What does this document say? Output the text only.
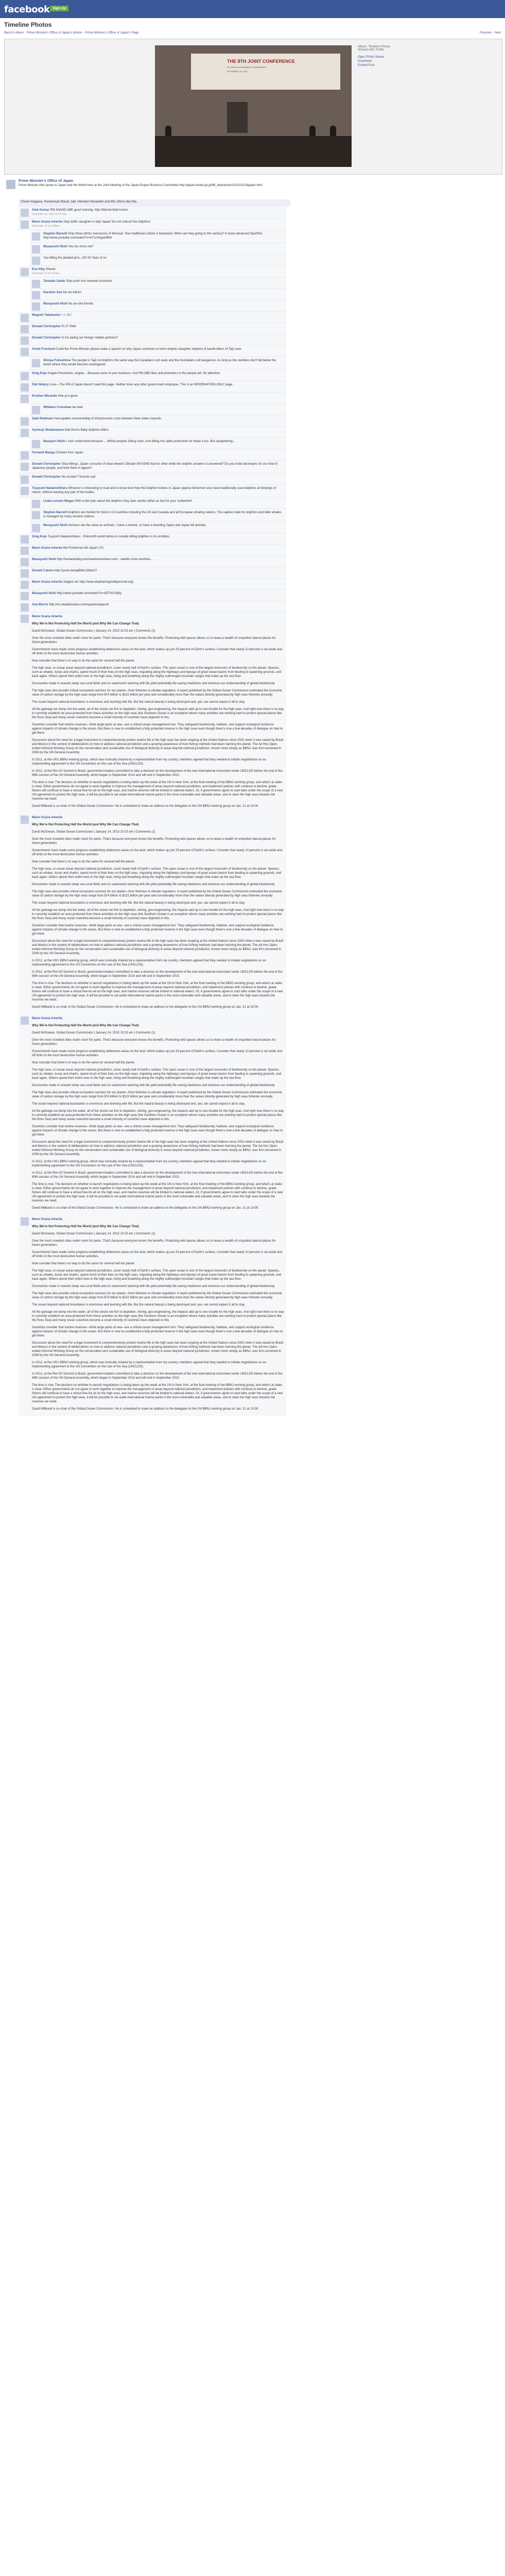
facebook Sign Up
Timeline Photos
Back to Album · Prime Minister's Office of Japan's photos · Prime Minister's Office of Japan's Page	Previous · Next
THE 8TH JOINT CONFERENCE
OF JAPAN-US BUSINESS CONFERENCE
NOVEMBER 15, 2013
Album: Timeline Photos
Shared with: Public
Open Photo Viewer
Download
Embed Post
Prime Minister's Office of Japan
Prime Minister Abe spoke to Japan and the World here at the Joint Meeting of the Japan-Rupan Business Committee http://japan.kantei.go.jp/96_abe/actions/201311/18japan.html
Chisen Kagawa, Pemeronan Blaser Jalil, Herrelyn Heriandini and 851 others like this.
Alok Kumar PM ANAND ABE good morning. http://liternet.blob.humor
November 15, 2013 at 4:37pm
Marie Grazia Amerlia Stop dolfin slaughter in taiji! Japan! Do not subsurf the dolphins!
November 15 at 6:08pm
Stephen Barnett Stop these ethnic massacres of Merozal. Your traditional culture is backward. When are they going to this century? A more advanced Sportfish. http://www.youtube.com/watch?v=k71zVAgwi3BW
Masayoshi Nishi You too more me?
You killing the pleated pins...Oh Sir Yean of no
Eva Alby Shame
November 16 at 4:19am
Tarwade Galdo Stop push non renewal consumer.
Karoline Soo No we kiltsim
Masayoshi Nishi No you the friends
Megumi Takahasha いいね！
Donald Christopher R.I.P Shiki
Donald Christopher In his taking our foreign rotable partners?
Armie Frechard Could the Prime Minister please make a speech on why Japan continues to harm dolphin slaughter dolphins & bandit killers of Taiji cove.
Shinya Fukushima The people in Taiji cut dolphins the same way the Canadians cull seals and the Australians cull kangaroos. As long as the numbers don't fall below the levels where they would become endangered.
Greg Kojo Arigato Prestotech, arigato... Because none of your business. And PM ABE likes anti-protesters to the people tell. No aftertime.
Pall Hebery Love---The PM of Japan doesn't read this page. Neither does any other government employee. This is an INFORMATION ONLY page.
Kristian Wicando Hoe you good.
Williams Crenshaw leo leeri
Sakil Rahmani Inescopable unreversibility of infrastructure costs between New states towards.
Ayumuji Okadanwane Bad thorns Baby dolphins killers
Masayori Nishi I can't understand because ... Whilst peoples killing cows, And killing hos adds production for leave a too. But slaughtering...
Fernand Manga Chicken from Japan.
Donald Christopher Stop killings. Japan consuner of meat wheels! Obstain ANYONE that for other while this dolphin answers is answered? Do you invite destroyers for our kind of Japanese people, and feed them in lagoon?
Donald Christopher No answer? Sounds sad.
Tsuyoshi Nakanishiharu Whoever is interesting to read and to know bout how the Dolphin hunters in Japan oppose fishermen also have traditionally used dolphins at blowings of nature, without wasting any part of the bodies.
Linda Lennon Megan With a heir plan about the dolphins they take careful rather as last for your 'outlandish'.
Stephen Barnett Dolphins are hunted for food in 13 countries including the US and Canada and all European whaling nations. The captive trade for dolphins and killer whales is managed by many western nations.
Masayoshi Nishi Humans are the same as animals. I have a mental, so have a breeding Japan and Japan kill animals.
Greg Kojo Tsuyoshi Nakanishiharu - Shinsmith world before in outside killing dolphins in its vicinities.
Marie Grazia Amerlia But Fisherman kill Japan! (!!!)
Masayoshi Nishi http://kuriakobaby.com/seanewsnshare.com/...sadelic-mnur-avicktes...
Donald Calonn http://youtu.be/aqBbb12kiboU?
Marie Grazia Amerlia Stagion ok! http://www.elephantsgoodbyenovel.org/
Masayoshi Nishi http://www.youtube.com/watch?v=d2lTfVLRp5y
Ana Murrio http://en.sealacksakos.com/vpavie/aspaced

Marie Grazia Amerlia

Why We're Not Protecting Half the World (and Why We Can Change That)

David McGowan, Global Ocean Commission | January 14, 2015 10:23 am | Comments (1)

Over the most crowded cities realm room for parks. That's because everyone knows the benefits. Protecting wild spaces allows us to leave a wealth of unspoiled natural places for future generations.

Governments have made some progress establishing wilderness areas on the land, which makes up just 29 percent of Earth's surface. Consider that nearly 13 percent is set aside and off limits to the most destructive human activities.

Now consider that there's no way to do the same for several half the planet.

The high seas, or ocean areas beyond national jurisdiction, cover nearly half of Earth's surface. This open ocean is one of the largest reservoirs of biodiversity on the planet. Species, such as whales, tunas and sharks, spend much of their lives on the high seas, migrating along the highways and byways of great ocean basins from feeding to spawning grounds, and back again. Others spend their entire lives in the high seas, living and breathing along the mighty submerged mountain ranges that make up the sea floor.

Discoveries made in oceanic deep sea coral fields and on seamounts teeming with life yield potentially life-saving medicines and enhance our understanding of global biodiversity.

The high seas also provide critical ecosystem services for our planet—from fisheries to climate regulation. A report published by the Global Ocean Commission estimated the economic value of carbon storage by the high seas range from $74 billion to $222 billion per year and considerably more than the values directly generated by high seas fisheries annually.

The ocean beyond national boundaries is enormous and teeming with life. But the natural beauty is being destroyed and, yes, we cannot expect it all to stay.

All the garbage we dump into the water, all of the stocks we fish to depletion, mining, geo-engineering, the impacts add up to one trouble for the high seas. And right now there is no way to currently establish an area protected from these activities on the high seas (the Southern Ocean is an exception where many activities are working hard to protect special places like the Ross Sea) and many ocean scientists become a small minority of countries have objected to this.

Scientists consider that marine reserves—think large parks at sea—are a critical ocean management tool. They safeguard biodiversity, habitats, and support ecological resilience against impacts of climate change to the ocean. But there is now no established a fully protected reserve in the high seas even though there's now a few decades of dialogue on how to get there.

Discussion about the need for a legal instrument to comprehensively protect marine life in the high seas has been ongoing at the United Nations since 2002 when it was raised by Brazil and Mexico in the context of deliberations on how to address national jurisdiction and a growing awareness of how fishing methods had been harming the planet. The Ad Hoc Open-ended Informal Working Group on the conservation and sustainable use of biological diversity in areas beyond national jurisdiction, known more simply as BBNJ, was first convened in 2006 by the UN General Assembly.

In 2012, at the UN's BBNJ working group, which was ironically chaired by a representative from my country, members agreed that they needed to initiate negotiations on an implementing agreement to the UN Convention on the Law of the Sea (UNCLOS).

In 2012, at the Rio+20 Summit in Brazil, government leaders committed to take a decision on the development of the new international instrument under UNCLOS before the end of the 69th session of the UN General Assembly, which began in September 2014 and will end in September 2015.

The time is now. The decision on whether to launch negotiations is being taken up this week at the UN in New York, at the final meeting of the BBNJ working group, and what's at stake is clear. Either governments do not agree to work together to improve the management of areas beyond national jurisdiction, and implement policies with continue to decline, grade fishers will continue to have a virtual free-for-all on the high seas, and marine reserves will be limited to national waters. Or, if governments agree to start talks under the scope of a new UN agreement to protect the high seas, it will be possible to set aside international marine parks in the most vulnerable and valuable areas, and to steer the high seas towards the reserves we need.

David Millband is co-chair of the Global Ocean Commission. He is scheduled to make an address to the delegates to the UN BBNJ working group on Jan. 21 at 13:00.

Marie Grazia Amerlia

Why We're Not Protecting Half the World (and Why We Can Change That)

David McGowan, Global Ocean Commission | January 14, 2015 10:23 am | Comments (1)

Over the most crowded cities realm room for parks. That's because everyone knows the benefits. Protecting wild spaces allows us to leave a wealth of unspoiled natural places for future generations.

Governments have made some progress establishing wilderness areas on the land, which makes up just 29 percent of Earth's surface. Consider that nearly 13 percent is set aside and off limits to the most destructive human activities.

Now consider that there's no way to do the same for several half the planet.

The high seas, or ocean areas beyond national jurisdiction, cover nearly half of Earth's surface. This open ocean is one of the largest reservoirs of biodiversity on the planet. Species, such as whales, tunas and sharks, spend much of their lives on the high seas, migrating along the highways and byways of great ocean basins from feeding to spawning grounds, and back again. Others spend their entire lives in the high seas, living and breathing along the mighty submerged mountain ranges that make up the sea floor.

Discoveries made in oceanic deep sea coral fields and on seamounts teeming with life yield potentially life-saving medicines and enhance our understanding of global biodiversity.

The high seas also provide critical ecosystem services for our planet—from fisheries to climate regulation. A report published by the Global Ocean Commission estimated the economic value of carbon storage by the high seas range from $74 billion to $222 billion per year and considerably more than the values directly generated by high seas fisheries annually.

The ocean beyond national boundaries is enormous and teeming with life. But the natural beauty is being destroyed and, yes, we cannot expect it all to stay.

All the garbage we dump into the water, all of the stocks we fish to depletion, mining, geo-engineering, the impacts add up to one trouble for the high seas. And right now there is no way to currently establish an area protected from these activities on the high seas (the Southern Ocean is an exception where many activities are working hard to protect special places like the Ross Sea) and many ocean scientists become a small minority of countries have objected to this.

Scientists consider that marine reserves—think large parks at sea—are a critical ocean management tool. They safeguard biodiversity, habitats, and support ecological resilience against impacts of climate change to the ocean. But there is now no established a fully protected reserve in the high seas even though there's now a few decades of dialogue on how to get there.

Discussion about the need for a legal instrument to comprehensively protect marine life in the high seas has been ongoing at the United Nations since 2002 when it was raised by Brazil and Mexico in the context of deliberations on how to address national jurisdiction and a growing awareness of how fishing methods had been harming the planet. The Ad Hoc Open-ended Informal Working Group on the conservation and sustainable use of biological diversity in areas beyond national jurisdiction, known more simply as BBNJ, was first convened in 2006 by the UN General Assembly.

In 2012, at the UN's BBNJ working group, which was ironically chaired by a representative from my country, members agreed that they needed to initiate negotiations on an implementing agreement to the UN Convention on the Law of the Sea (UNCLOS).

In 2012, at the Rio+20 Summit in Brazil, government leaders committed to take a decision on the development of the new international instrument under UNCLOS before the end of the 69th session of the UN General Assembly, which began in September 2014 and will end in September 2015.

The time is now. The decision on whether to launch negotiations is being taken up this week at the UN in New York, at the final meeting of the BBNJ working group, and what's at stake is clear. Either governments do not agree to work together to improve the management of areas beyond national jurisdiction, and implement policies with continue to decline, grade fishers will continue to have a virtual free-for-all on the high seas, and marine reserves will be limited to national waters. Or, if governments agree to start talks under the scope of a new UN agreement to protect the high seas, it will be possible to set aside international marine parks in the most vulnerable and valuable areas, and to steer the high seas towards the reserves we need.

David Millband is co-chair of the Global Ocean Commission. He is scheduled to make an address to the delegates to the UN BBNJ working group on Jan. 21 at 13:00.

Marie Grazia Amerlia

Why We're Not Protecting Half the World (and Why We Can Change That)

David McGowan, Global Ocean Commission | January 14, 2015 10:23 am | Comments (1)

Over the most crowded cities realm room for parks. That's because everyone knows the benefits. Protecting wild spaces allows us to leave a wealth of unspoiled natural places for future generations.

Governments have made some progress establishing wilderness areas on the land, which makes up just 29 percent of Earth's surface. Consider that nearly 13 percent is set aside and off limits to the most destructive human activities.

Now consider that there's no way to do the same for several half the planet.

The high seas, or ocean areas beyond national jurisdiction, cover nearly half of Earth's surface. This open ocean is one of the largest reservoirs of biodiversity on the planet. Species, such as whales, tunas and sharks, spend much of their lives on the high seas, migrating along the highways and byways of great ocean basins from feeding to spawning grounds, and back again. Others spend their entire lives in the high seas, living and breathing along the mighty submerged mountain ranges that make up the sea floor.

Discoveries made in oceanic deep sea coral fields and on seamounts teeming with life yield potentially life-saving medicines and enhance our understanding of global biodiversity.

The high seas also provide critical ecosystem services for our planet—from fisheries to climate regulation. A report published by the Global Ocean Commission estimated the economic value of carbon storage by the high seas range from $74 billion to $222 billion per year and considerably more than the values directly generated by high seas fisheries annually.

The ocean beyond national boundaries is enormous and teeming with life. But the natural beauty is being destroyed and, yes, we cannot expect it all to stay.

All the garbage we dump into the water, all of the stocks we fish to depletion, mining, geo-engineering, the impacts add up to one trouble for the high seas. And right now there is no way to currently establish an area protected from these activities on the high seas (the Southern Ocean is an exception where many activities are working hard to protect special places like the Ross Sea) and many ocean scientists become a small minority of countries have objected to this.

Scientists consider that marine reserves—think large parks at sea—are a critical ocean management tool. They safeguard biodiversity, habitats, and support ecological resilience against impacts of climate change to the ocean. But there is now no established a fully protected reserve in the high seas even though there's now a few decades of dialogue on how to get there.

Discussion about the need for a legal instrument to comprehensively protect marine life in the high seas has been ongoing at the United Nations since 2002 when it was raised by Brazil and Mexico in the context of deliberations on how to address national jurisdiction and a growing awareness of how fishing methods had been harming the planet. The Ad Hoc Open-ended Informal Working Group on the conservation and sustainable use of biological diversity in areas beyond national jurisdiction, known more simply as BBNJ, was first convened in 2006 by the UN General Assembly.

In 2012, at the UN's BBNJ working group, which was ironically chaired by a representative from my country, members agreed that they needed to initiate negotiations on an implementing agreement to the UN Convention on the Law of the Sea (UNCLOS).

In 2012, at the Rio+20 Summit in Brazil, government leaders committed to take a decision on the development of the new international instrument under UNCLOS before the end of the 69th session of the UN General Assembly, which began in September 2014 and will end in September 2015.

The time is now. The decision on whether to launch negotiations is being taken up this week at the UN in New York, at the final meeting of the BBNJ working group, and what's at stake is clear. Either governments do not agree to work together to improve the management of areas beyond national jurisdiction, and implement policies with continue to decline, grade fishers will continue to have a virtual free-for-all on the high seas, and marine reserves will be limited to national waters. Or, if governments agree to start talks under the scope of a new UN agreement to protect the high seas, it will be possible to set aside international marine parks in the most vulnerable and valuable areas, and to steer the high seas towards the reserves we need.

David Millband is co-chair of the Global Ocean Commission. He is scheduled to make an address to the delegates to the UN BBNJ working group on Jan. 21 at 13:00.

Marie Grazia Amerlia

Why We're Not Protecting Half the World (and Why We Can Change That)

David McGowan, Global Ocean Commission | January 14, 2015 10:23 am | Comments (1)

Over the most crowded cities realm room for parks. That's because everyone knows the benefits. Protecting wild spaces allows us to leave a wealth of unspoiled natural places for future generations.

Governments have made some progress establishing wilderness areas on the land, which makes up just 29 percent of Earth's surface. Consider that nearly 13 percent is set aside and off limits to the most destructive human activities.

Now consider that there's no way to do the same for several half the planet.

The high seas, or ocean areas beyond national jurisdiction, cover nearly half of Earth's surface. This open ocean is one of the largest reservoirs of biodiversity on the planet. Species, such as whales, tunas and sharks, spend much of their lives on the high seas, migrating along the highways and byways of great ocean basins from feeding to spawning grounds, and back again. Others spend their entire lives in the high seas, living and breathing along the mighty submerged mountain ranges that make up the sea floor.

Discoveries made in oceanic deep sea coral fields and on seamounts teeming with life yield potentially life-saving medicines and enhance our understanding of global biodiversity.

The high seas also provide critical ecosystem services for our planet—from fisheries to climate regulation. A report published by the Global Ocean Commission estimated the economic value of carbon storage by the high seas range from $74 billion to $222 billion per year and considerably more than the values directly generated by high seas fisheries annually.

The ocean beyond national boundaries is enormous and teeming with life. But the natural beauty is being destroyed and, yes, we cannot expect it all to stay.

All the garbage we dump into the water, all of the stocks we fish to depletion, mining, geo-engineering, the impacts add up to one trouble for the high seas. And right now there is no way to currently establish an area protected from these activities on the high seas (the Southern Ocean is an exception where many activities are working hard to protect special places like the Ross Sea) and many ocean scientists become a small minority of countries have objected to this.

Scientists consider that marine reserves—think large parks at sea—are a critical ocean management tool. They safeguard biodiversity, habitats, and support ecological resilience against impacts of climate change to the ocean. But there is now no established a fully protected reserve in the high seas even though there's now a few decades of dialogue on how to get there.

Discussion about the need for a legal instrument to comprehensively protect marine life in the high seas has been ongoing at the United Nations since 2002 when it was raised by Brazil and Mexico in the context of deliberations on how to address national jurisdiction and a growing awareness of how fishing methods had been harming the planet. The Ad Hoc Open-ended Informal Working Group on the conservation and sustainable use of biological diversity in areas beyond national jurisdiction, known more simply as BBNJ, was first convened in 2006 by the UN General Assembly.

In 2012, at the UN's BBNJ working group, which was ironically chaired by a representative from my country, members agreed that they needed to initiate negotiations on an implementing agreement to the UN Convention on the Law of the Sea (UNCLOS).

In 2012, at the Rio+20 Summit in Brazil, government leaders committed to take a decision on the development of the new international instrument under UNCLOS before the end of the 69th session of the UN General Assembly, which began in September 2014 and will end in September 2015.

The time is now. The decision on whether to launch negotiations is being taken up this week at the UN in New York, at the final meeting of the BBNJ working group, and what's at stake is clear. Either governments do not agree to work together to improve the management of areas beyond national jurisdiction, and implement policies with continue to decline, grade fishers will continue to have a virtual free-for-all on the high seas, and marine reserves will be limited to national waters. Or, if governments agree to start talks under the scope of a new UN agreement to protect the high seas, it will be possible to set aside international marine parks in the most vulnerable and valuable areas, and to steer the high seas towards the reserves we need.

David Millband is co-chair of the Global Ocean Commission. He is scheduled to make an address to the delegates to the UN BBNJ working group on Jan. 21 at 13:00.
